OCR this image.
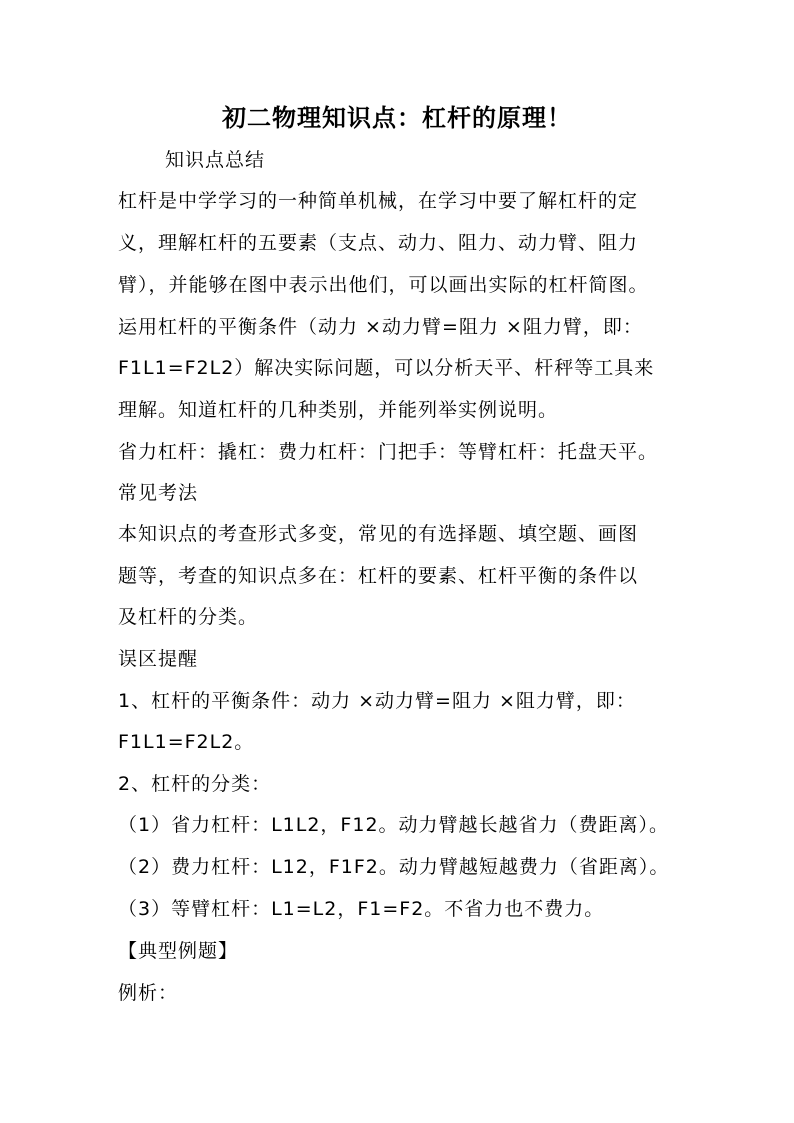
初二物理知识点：杠杆的原理！
知识点总结
杠杆是中学学习的一种简单机械，在学习中要了解杠杆的定
义，理解杠杆的五要素（支点、动力、阻力、动力臂、阻力
臂），并能够在图中表示出他们，可以画出实际的杠杆简图。
运用杠杆的平衡条件（动力 ×动力臂=阻力 ×阻力臂，即：
F1L1=F2L2）解决实际问题，可以分析天平、杆秤等工具来
理解。知道杠杆的几种类别，并能列举实例说明。
省力杠杆：撬杠：费力杠杆：门把手：等臂杠杆：托盘天平。
常见考法
本知识点的考查形式多变，常见的有选择题、填空题、画图
题等，考查的知识点多在：杠杆的要素、杠杆平衡的条件以
及杠杆的分类。
误区提醒
1、杠杆的平衡条件：动力 ×动力臂=阻力 ×阻力臂，即：
F1L1=F2L2。
2、杠杆的分类：
（1）省力杠杆：L1L2，F12。动力臂越长越省力（费距离）。
（2）费力杠杆：L12，F1F2。动力臂越短越费力（省距离）。
（3）等臂杠杆：L1=L2，F1=F2。不省力也不费力。
【典型例题】
例析：
